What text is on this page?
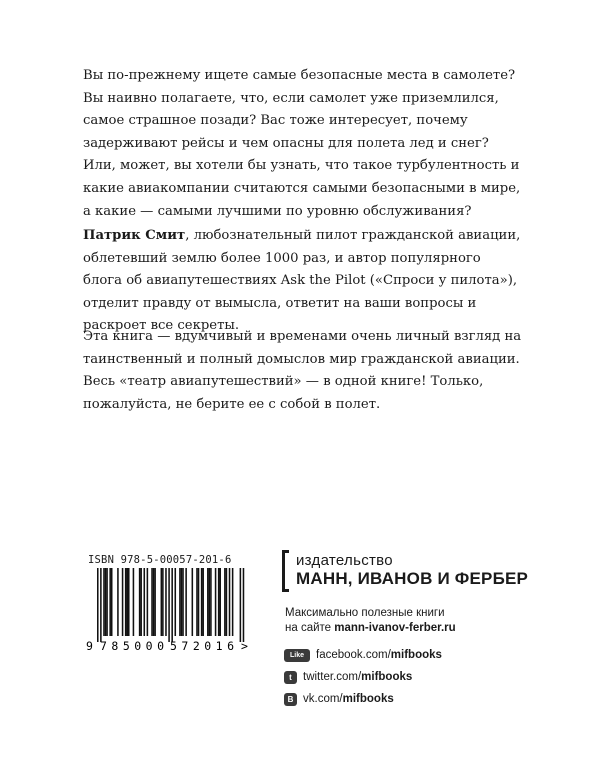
Вы по-прежнему ищете самые безопасные места в самолете? Вы наивно полагаете, что, если самолет уже приземлился, самое страшное позади? Вас тоже интересует, почему задерживают рейсы и чем опасны для полета лед и снег? Или, может, вы хотели бы узнать, что такое турбулентность и какие авиакомпании считаются самыми безопасными в мире, а какие — самыми лучшими по уровню обслуживания?

Патрик Смит, любознательный пилот гражданской авиации, облетевший землю более 1000 раз, и автор популярного блога об авиапутешествиях Ask the Pilot («Спроси у пилота»), отделит правду от вымысла, ответит на ваши вопросы и раскроет все секреты.

Эта книга — вдумчивый и временами очень личный взгляд на таинственный и полный домыслов мир гражданской авиации. Весь «театр авиапутешествий» — в одной книге! Только, пожалуйста, не берите ее с собой в полет.

ISBN 978-5-00057-201-6
9 785000 572016 >
издательство
МАНН, ИВАНОВ И ФЕРБЕР
Максимально полезные книги
на сайте mann-ivanov-ferber.ru
Like	facebook.com/mifbooks
t twitter.com/mifbooks
B vk.com/mifbooks
